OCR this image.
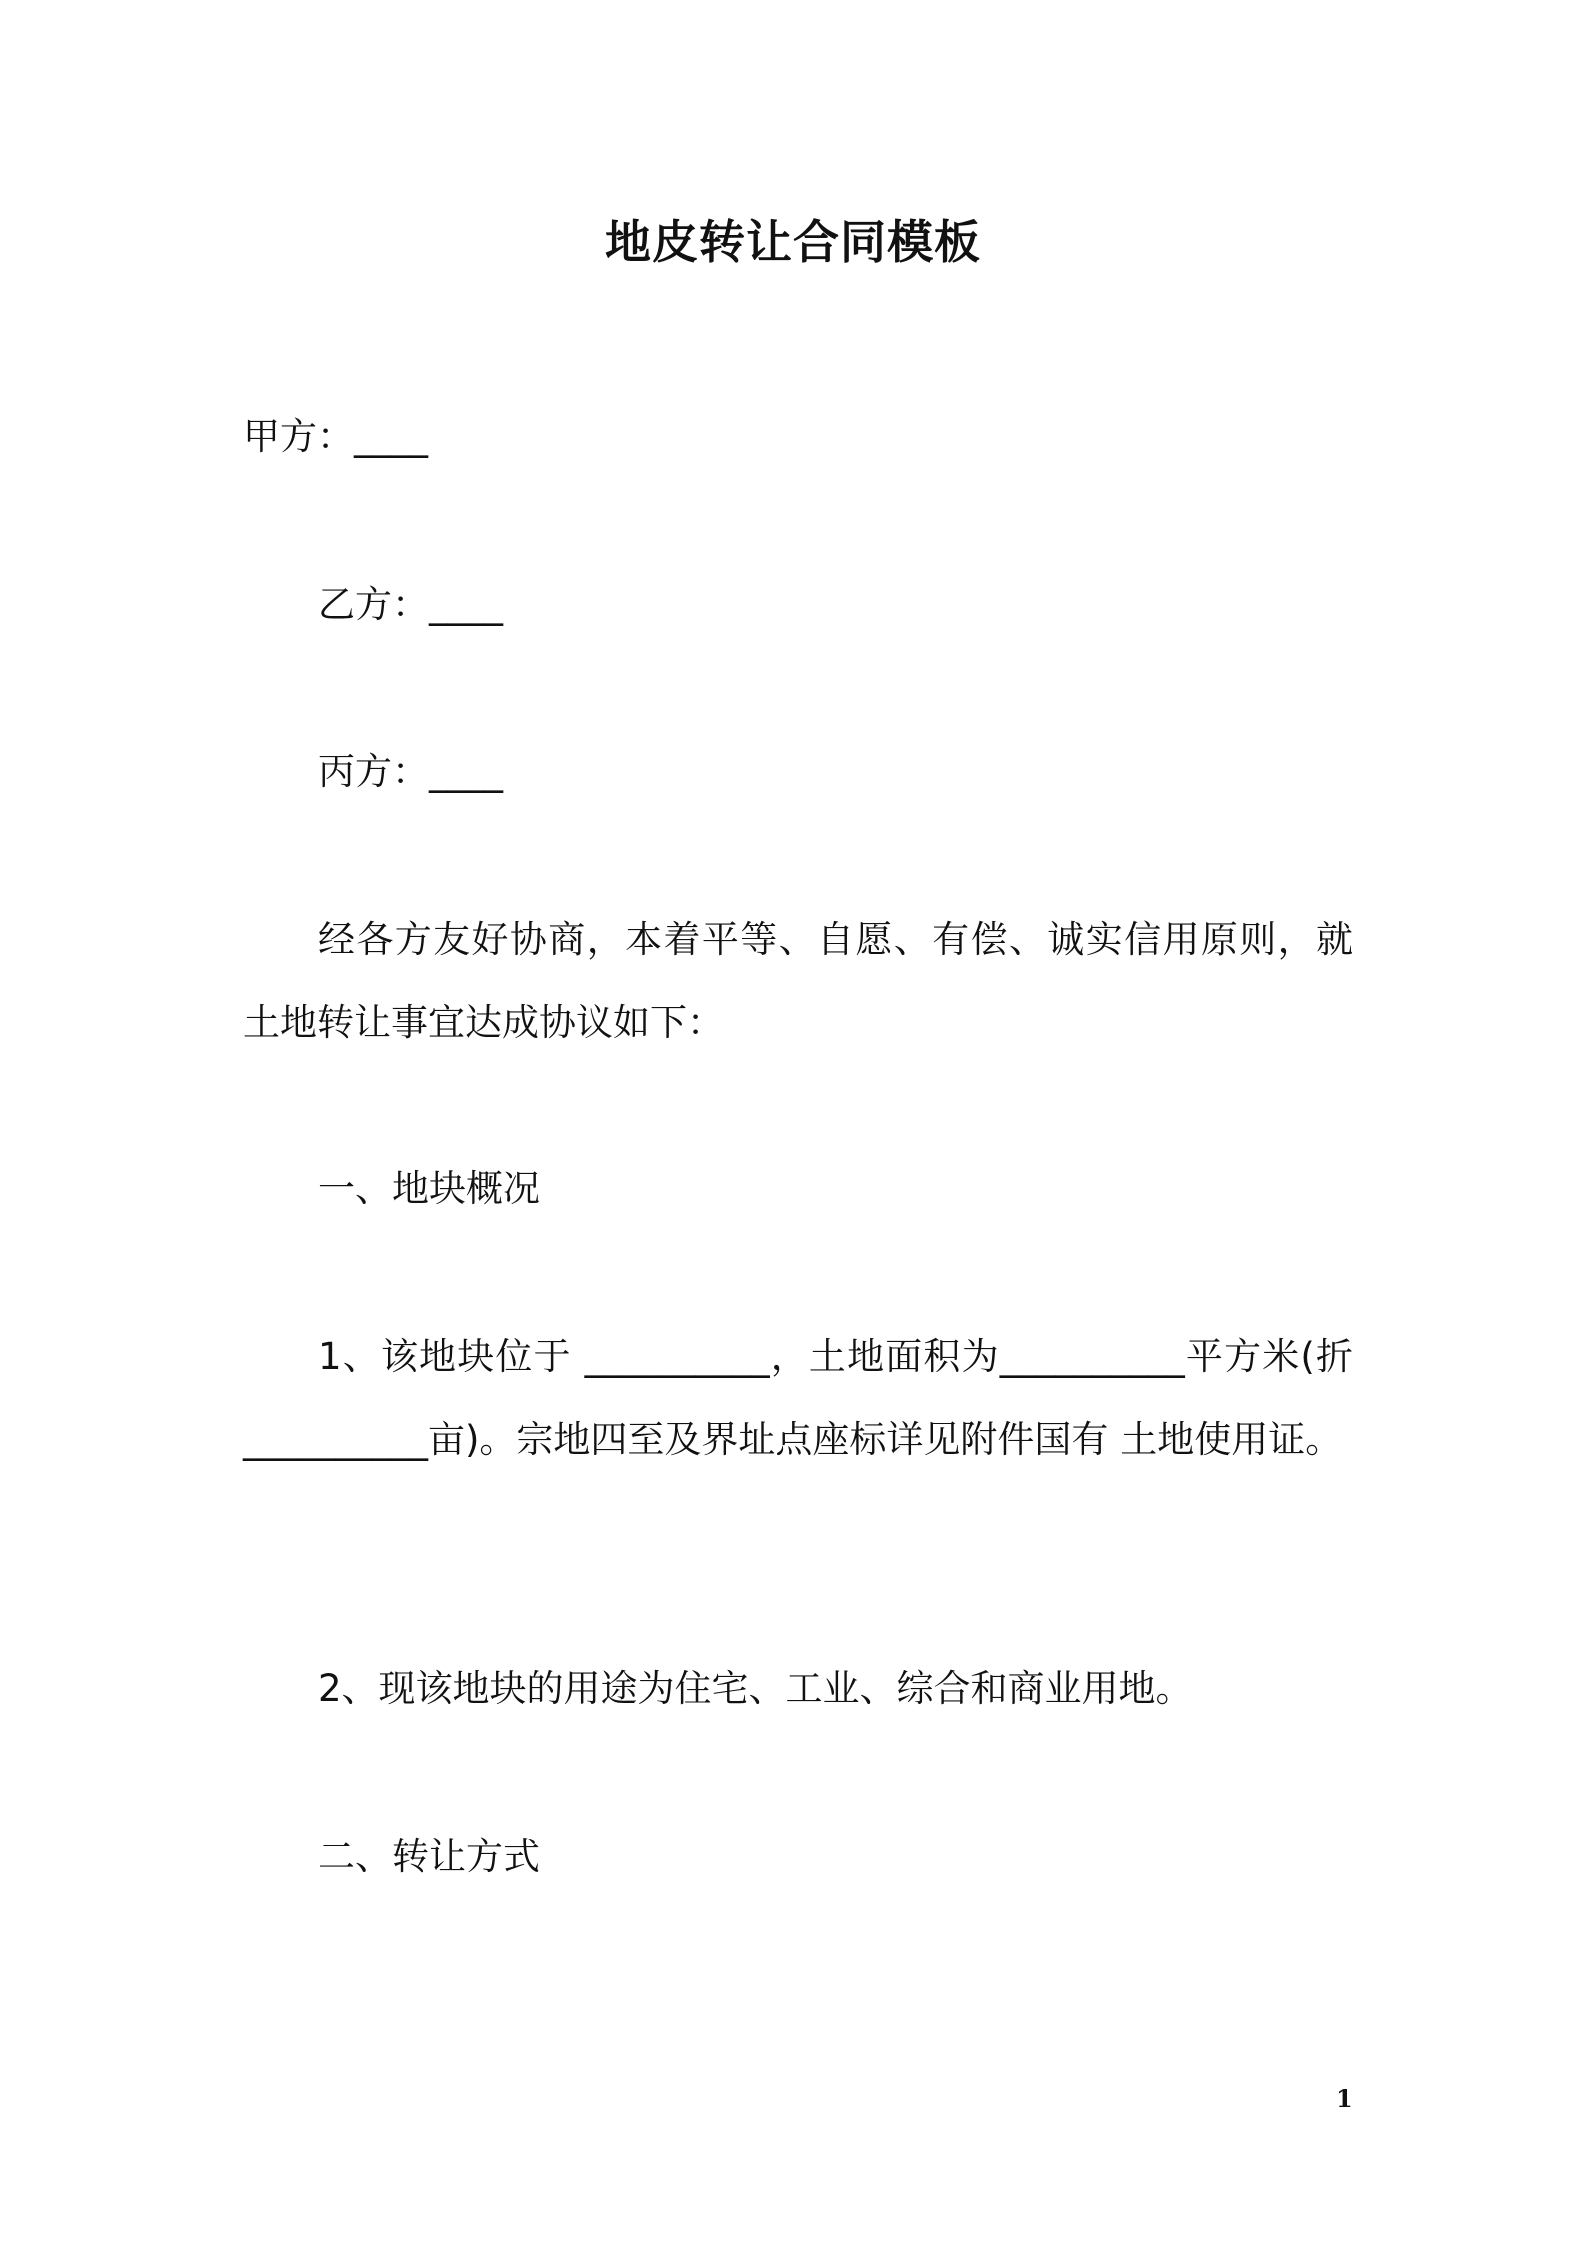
地皮转让合同模板
甲方：____
乙方：____
丙方：____
经各方友好协商，本着平等、自愿、有偿、诚实信用原则，就土地转让事宜达成协议如下：
一、地块概况
1、该地块位于 __________，土地面积为__________平方米(折__________亩)。宗地四至及界址点座标详见附件国有 土地使用证。
2、现该地块的用途为住宅、工业、综合和商业用地。
二、转让方式
1
